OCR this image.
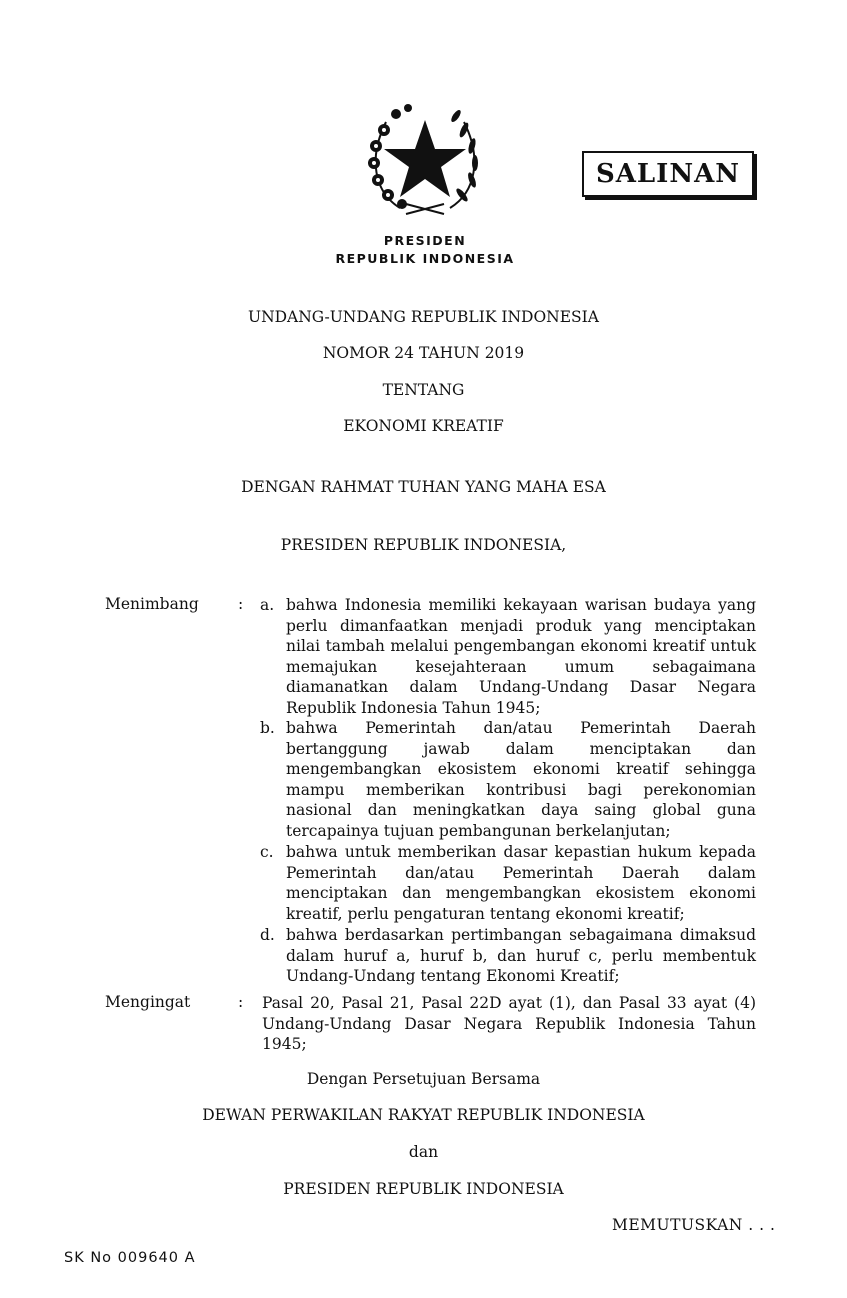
SALINAN
PRESIDEN
REPUBLIK INDONESIA
UNDANG-UNDANG REPUBLIK INDONESIA
NOMOR 24 TAHUN 2019
TENTANG
EKONOMI KREATIF
DENGAN RAHMAT TUHAN YANG MAHA ESA
PRESIDEN REPUBLIK INDONESIA,
Menimbang	: a. bahwa Indonesia memiliki kekayaan warisan budaya yang perlu dimanfaatkan menjadi produk yang menciptakan nilai tambah melalui pengembangan ekonomi kreatif untuk memajukan kesejahteraan umum sebagaimana diamanatkan dalam Undang-Undang Dasar Negara Republik Indonesia Tahun 1945;
b. bahwa Pemerintah dan/atau Pemerintah Daerah bertanggung jawab dalam menciptakan dan mengembangkan ekosistem ekonomi kreatif sehingga mampu memberikan kontribusi bagi perekonomian nasional dan meningkatkan daya saing global guna tercapainya tujuan pembangunan berkelanjutan;
c. bahwa untuk memberikan dasar kepastian hukum kepada Pemerintah dan/atau Pemerintah Daerah dalam menciptakan dan mengembangkan ekosistem ekonomi kreatif, perlu pengaturan tentang ekonomi kreatif;
d. bahwa berdasarkan pertimbangan sebagaimana dimaksud dalam huruf a, huruf b, dan huruf c, perlu membentuk Undang-Undang tentang Ekonomi Kreatif;
Mengingat	: Pasal 20, Pasal 21, Pasal 22D ayat (1), dan Pasal 33 ayat (4) Undang-Undang Dasar Negara Republik Indonesia Tahun 1945;
Dengan Persetujuan Bersama
DEWAN PERWAKILAN RAKYAT REPUBLIK INDONESIA
dan
PRESIDEN REPUBLIK INDONESIA
MEMUTUSKAN . . .
SK No 009640 A
